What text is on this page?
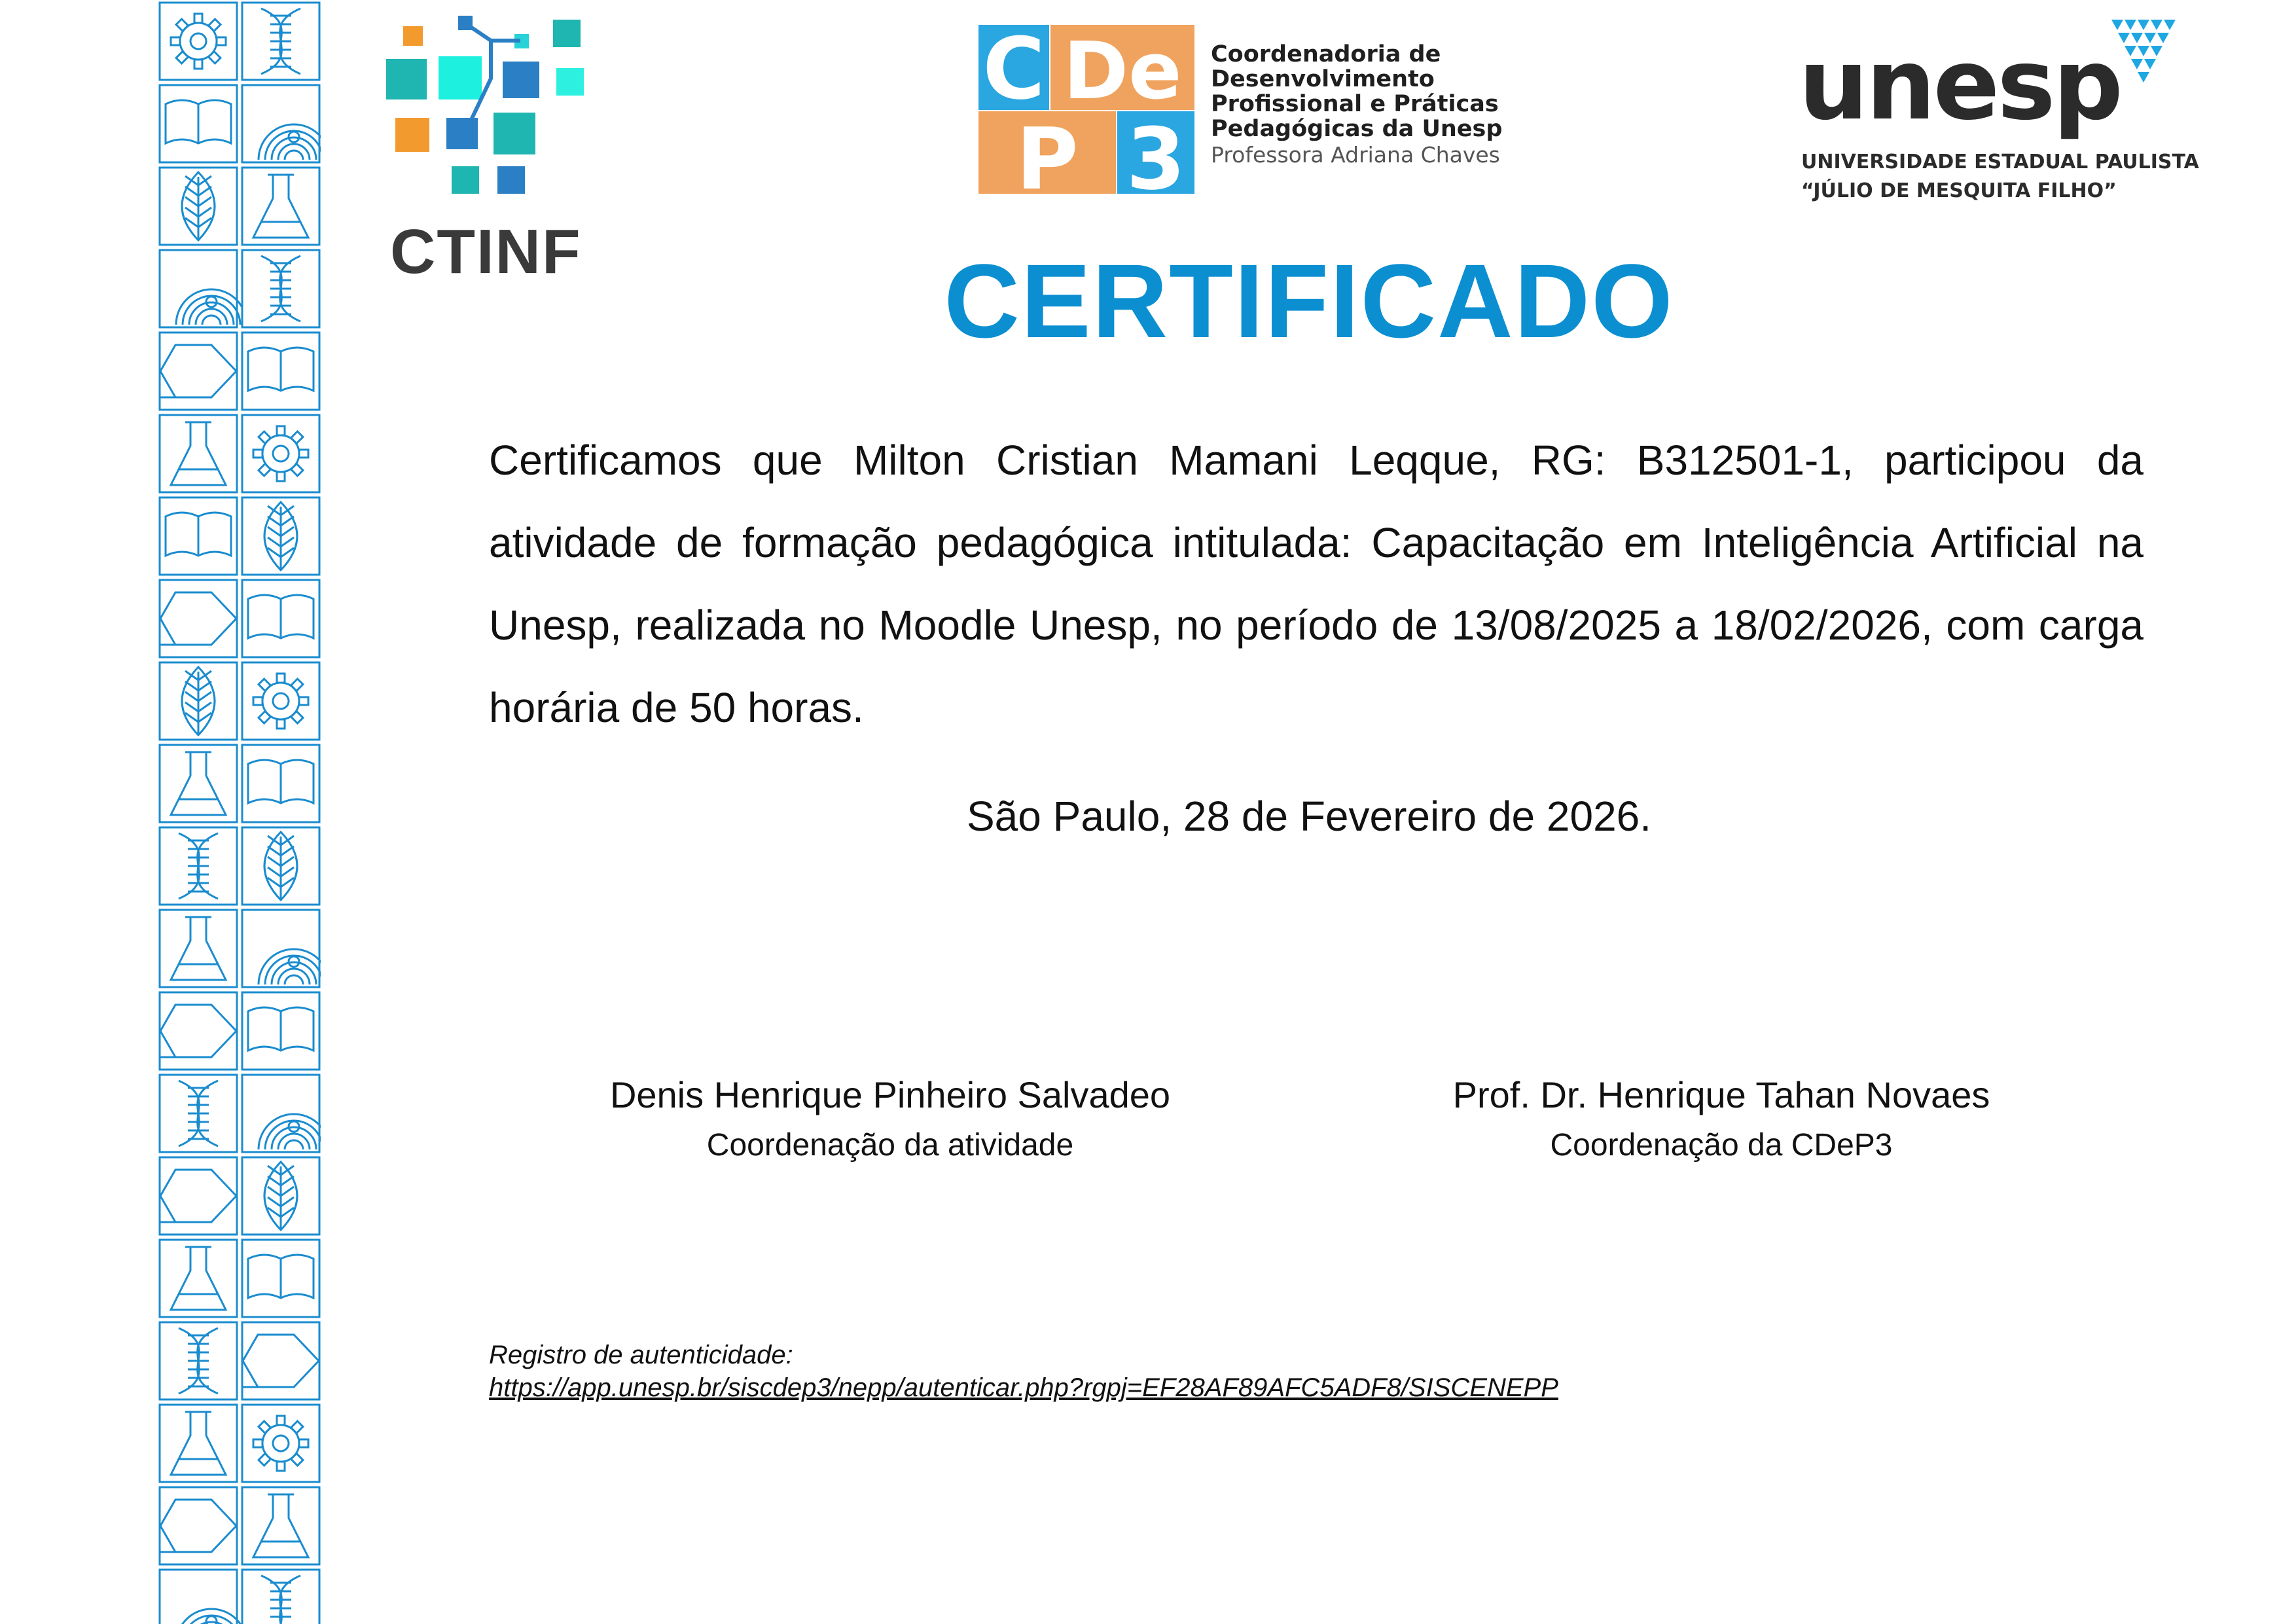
CTINF
C De
P 3
Coordenadoria de
Desenvolvimento
Profissional e Práticas
Pedagógicas da Unesp
Professora Adriana Chaves
unesp
UNIVERSIDADE ESTADUAL PAULISTA
“JÚLIO DE MESQUITA FILHO”
CERTIFICADO
Certificamos que Milton Cristian Mamani Leqque, RG: B312501-1, participou da atividade de formação pedagógica intitulada: Capacitação em Inteligência Artificial na Unesp, realizada no Moodle Unesp, no período de 13/08/2025 a 18/02/2026, com carga horária de 50 horas.
São Paulo, 28 de Fevereiro de 2026.
Denis Henrique Pinheiro Salvadeo
Coordenação da atividade
Prof. Dr. Henrique Tahan Novaes
Coordenação da CDeP3
Registro de autenticidade:
https://app.unesp.br/siscdep3/nepp/autenticar.php?rgpj=EF28AF89AFC5ADF8/SISCENEPP
